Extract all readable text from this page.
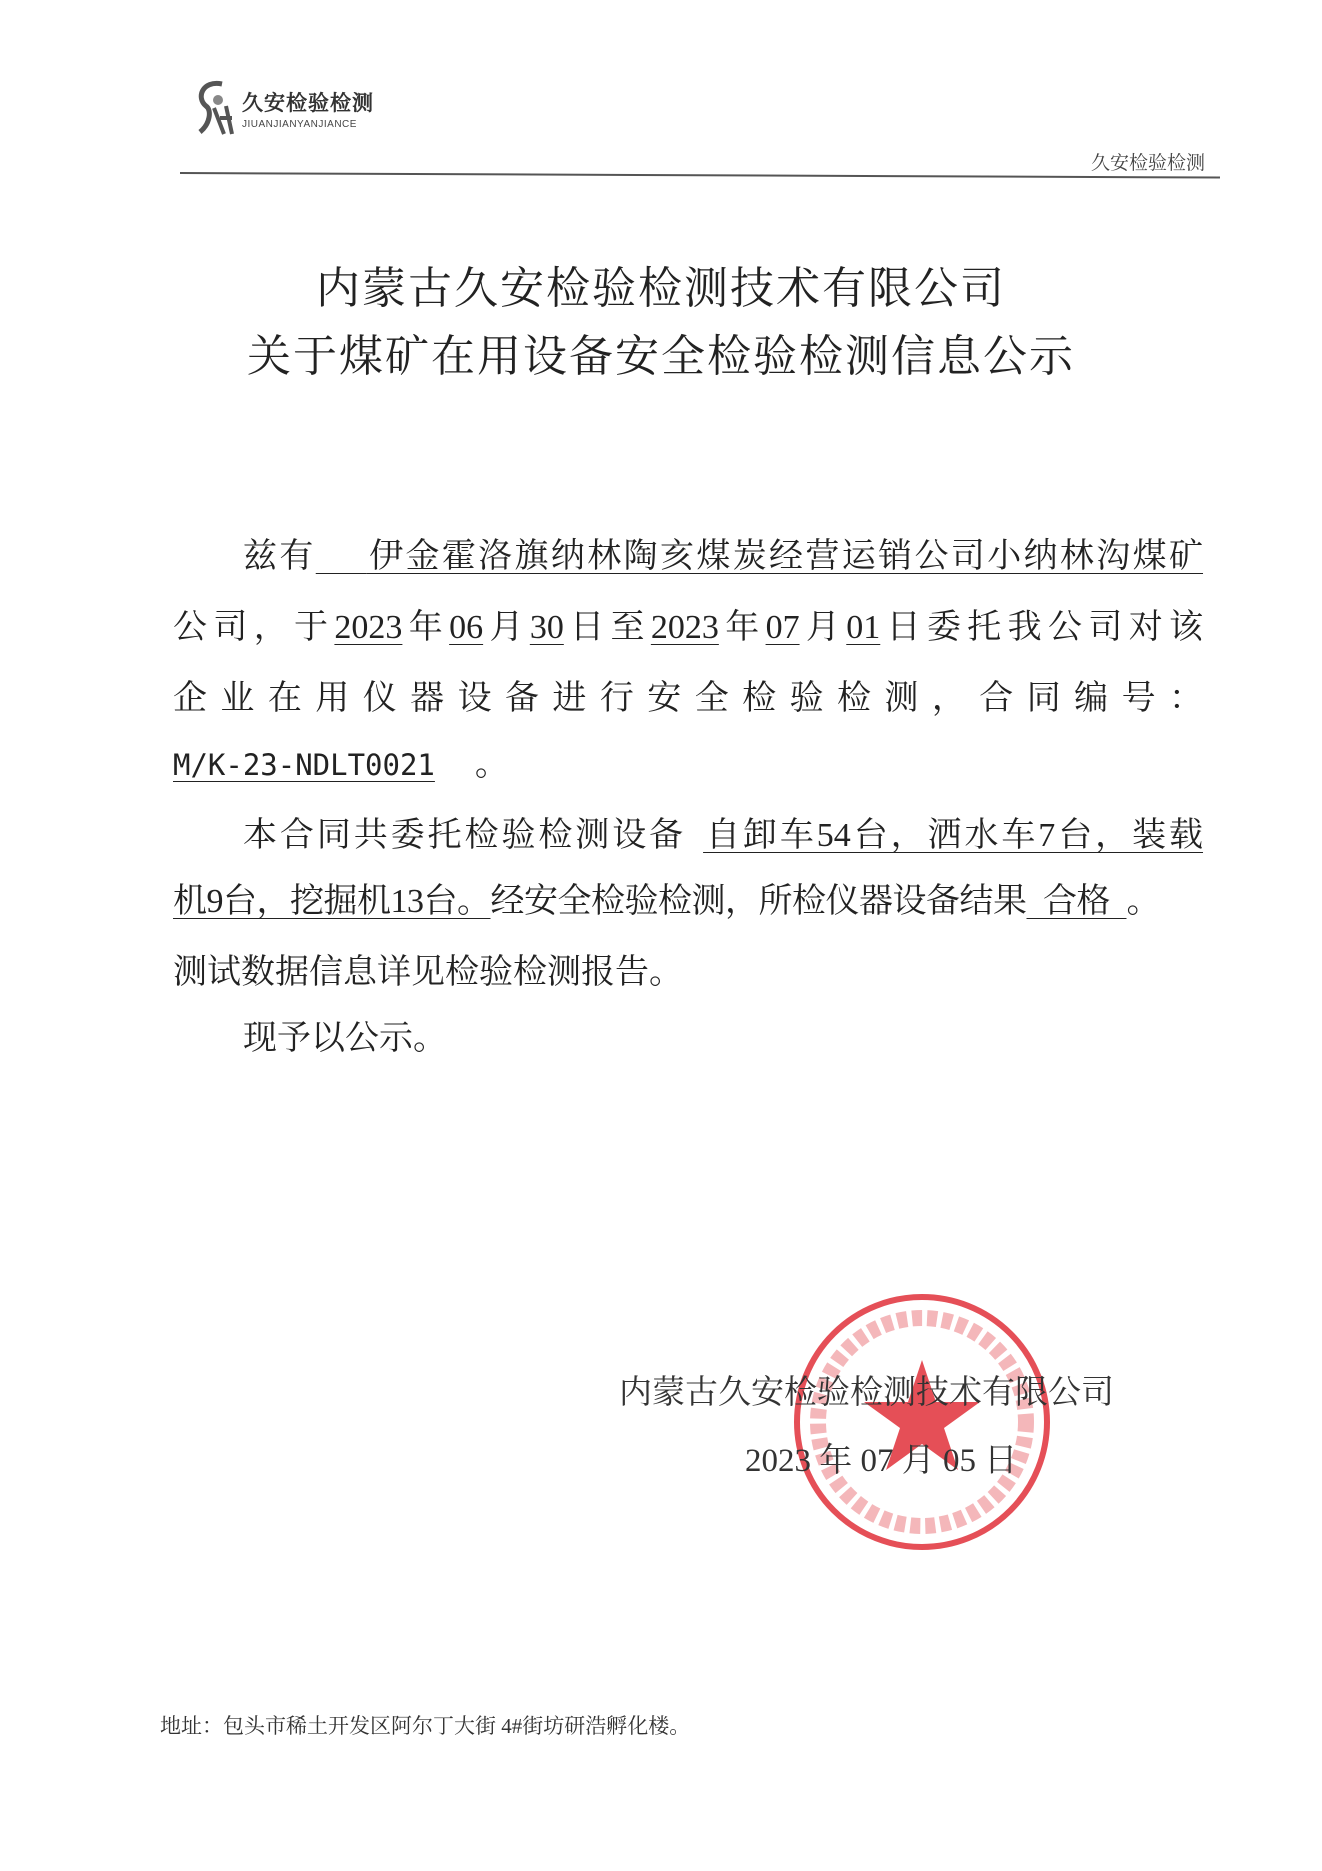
久安检验检测
JIUANJIANYANJIANCE
久安检验检测
内蒙古久安检验检测技术有限公司
关于煤矿在用设备安全检验检测信息公示
兹有   伊金霍洛旗纳林陶亥煤炭经营运销公司小纳林沟煤矿
公司，于2023年06月30日至2023年07月01日委托我公司对该
企业在用仪器设备进行安全检验检测，合同编号：
M/K-23-NDLT0021 。
本合同共委托检验检测设备  自卸车54台，洒水车7台，装载
机9台，挖掘机13台。经安全检验检测，所检仪器设备结果  合格  。
测试数据信息详见检验检测报告。
现予以公示。
内蒙古久安检验检测技术有限公司
2023 年 07 月 05 日
地址：包头市稀土开发区阿尔丁大街 4#街坊研浩孵化楼。
